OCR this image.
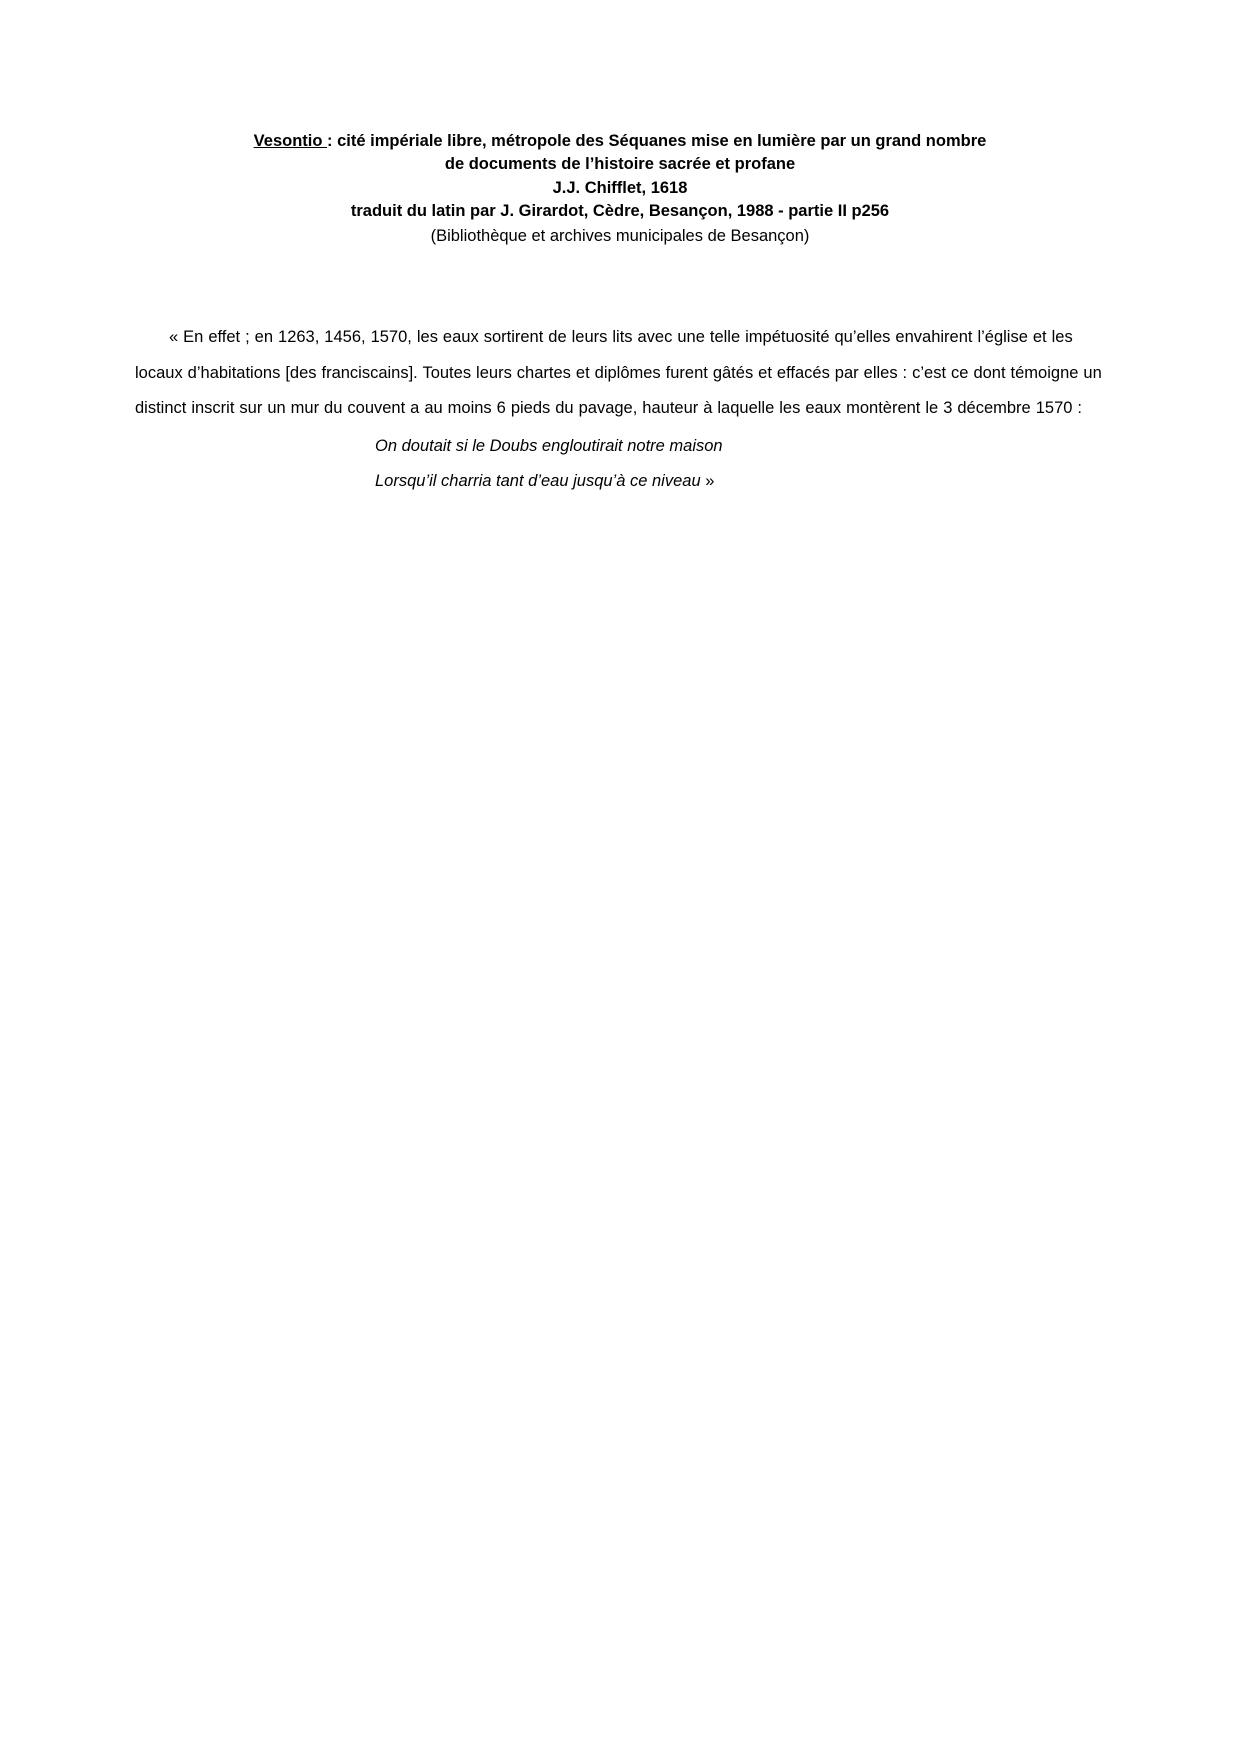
Vesontio : cité impériale libre, métropole des Séquanes mise en lumière par un grand nombre
de documents de l’histoire sacrée et profane
J.J. Chifflet, 1618
traduit du latin par J. Girardot, Cèdre, Besançon, 1988 - partie II p256
(Bibliothèque et archives municipales de Besançon)

« En effet ; en 1263, 1456, 1570, les eaux sortirent de leurs lits avec une telle impétuosité qu’elles envahirent l’église et les locaux d’habitations [des franciscains]. Toutes leurs chartes et diplômes furent gâtés et effacés par elles : c’est ce dont témoigne un distinct inscrit sur un mur du couvent a au moins 6 pieds du pavage, hauteur à laquelle les eaux montèrent le 3 décembre 1570 :

On doutait si le Doubs engloutirait notre maison
Lorsqu’il charria tant d’eau jusqu’à ce niveau »
